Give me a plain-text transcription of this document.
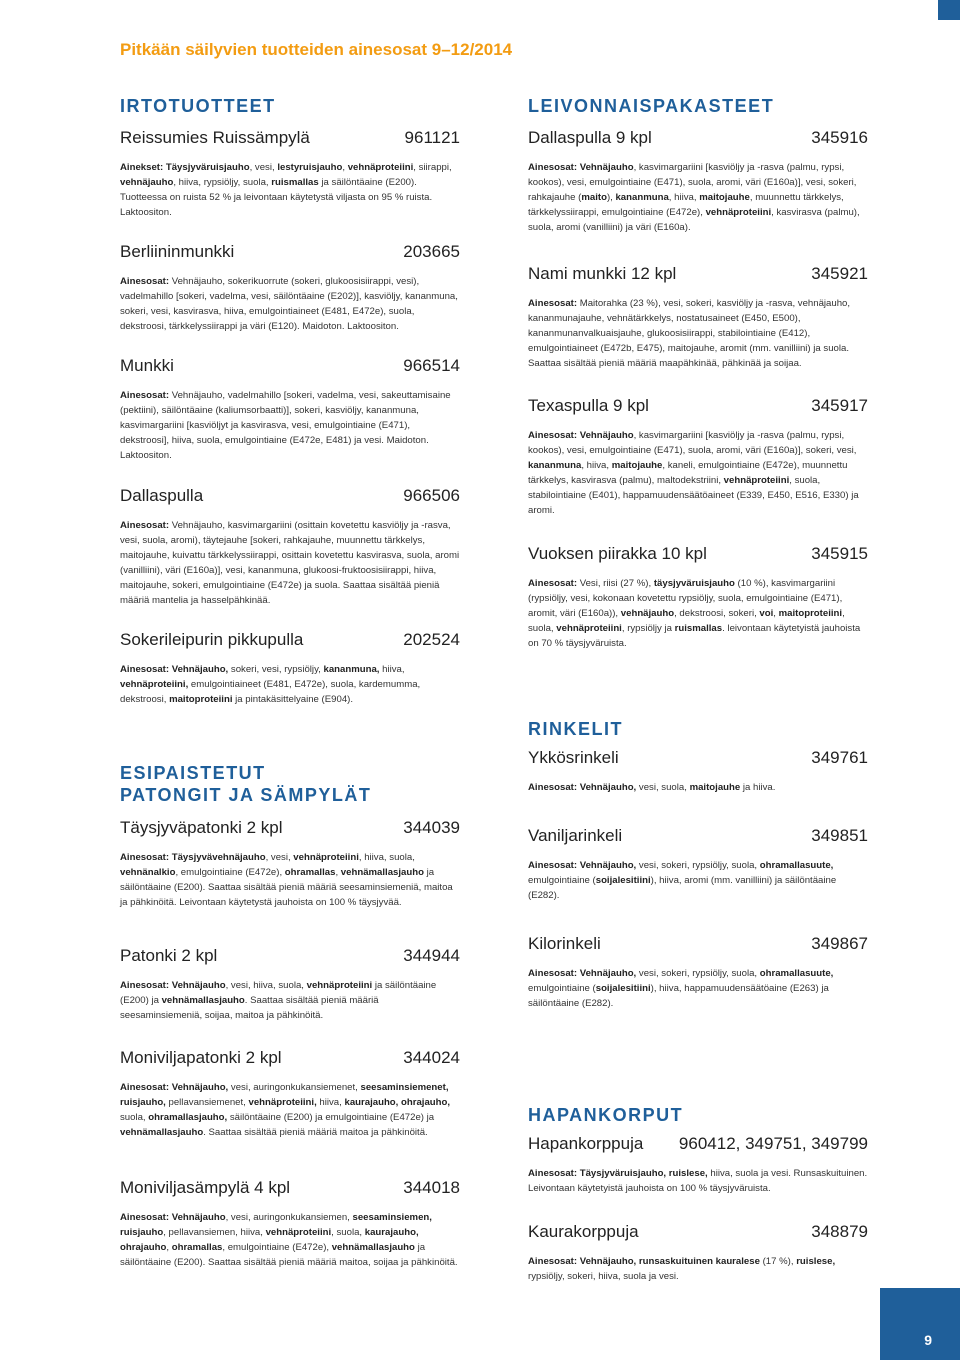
Pitkään säilyvien tuotteiden ainesosat 9–12/2014
IRTOTUOTTEET
Reissumies Ruissämpylä	961121
Ainekset: Täysjyväruisjauho, vesi, lestyruisjauho, vehnäproteiini, siirappi, vehnäjauho, hiiva, rypsiöljy, suola, ruismallas ja säilöntäaine (E200). Tuotteessa on ruista 52 % ja leivontaan käytetystä viljasta on 95 % ruista. Laktoositon.
Berliininmunkki	203665
Ainesosat: Vehnäjauho, sokerikuorrute (sokeri, glukoosisiirappi, vesi), vadelmahillo [sokeri, vadelma, vesi, säilöntäaine (E202)], kasviöljy, kananmuna, sokeri, vesi, kasvirasva, hiiva, emulgointiaineet (E481, E472e), suola, dekstroosi, tärkkelyssiirappi ja väri (E120). Maidoton. Laktoositon.
Munkki	966514
Ainesosat: Vehnäjauho, vadelmahillo [sokeri, vadelma, vesi, sakeuttamisaine (pektiini), säilöntäaine (kaliumsorbaatti)], sokeri, kasviöljy, kananmuna, kasvimargariini [kasviöljyt ja kasvirasva, vesi, emulgointiaine (E471), dekstroosi], hiiva, suola, emulgointiaine (E472e, E481) ja vesi. Maidoton. Laktoositon.
Dallaspulla	966506
Ainesosat: Vehnäjauho, kasvimargariini (osittain kovetettu kasviöljy ja -rasva, vesi, suola, aromi), täytejauhe [sokeri, rahkajauhe, muunnettu tärkkelys, maitojauhe, kuivattu tärkkelyssiirappi, osittain kovetettu kasvirasva, suola, aromi (vanilliini), väri (E160a)], vesi, kananmuna, glukoosi-fruktoosisiirappi, hiiva, maitojauhe, sokeri, emulgointiaine (E472e) ja suola. Saattaa sisältää pieniä määriä mantelia ja hasselpähkinää.
Sokerileipurin pikkupulla	202524
Ainesosat: Vehnäjauho, sokeri, vesi, rypsiöljy, kananmuna, hiiva, vehnäproteiini, emulgointiaineet (E481, E472e), suola, kardemumma, dekstroosi, maitoproteiini ja pintakäsittelyaine (E904).
ESIPAISTETUT
PATONGIT JA SÄMPYLÄT
Täysjyväpatonki 2 kpl	344039
Ainesosat: Täysjyvävehnäjauho, vesi, vehnäproteiini, hiiva, suola, vehnänalkio, emulgointiaine (E472e), ohramallas, vehnämallasjauho ja säilöntäaine (E200). Saattaa sisältää pieniä määriä seesaminsiemeniä, maitoa ja pähkinöitä. Leivontaan käytetystä jauhoista on 100 % täysjyvää.
Patonki 2 kpl	344944
Ainesosat: Vehnäjauho, vesi, hiiva, suola, vehnäproteiini ja säilöntäaine (E200) ja vehnämallasjauho. Saattaa sisältää pieniä määriä seesaminsiemeniä, soijaa, maitoa ja pähkinöitä.
Moniviljapatonki 2 kpl	344024
Ainesosat: Vehnäjauho, vesi, auringonkukansiemenet, seesaminsiemenet, ruisjauho, pellavansiemenet, vehnäproteiini, hiiva, kaurajauho, ohrajauho, suola, ohramallasjauho, säilöntäaine (E200) ja emulgointiaine (E472e) ja vehnämallasjauho. Saattaa sisältää pieniä määriä maitoa ja pähkinöitä.
Moniviljasämpylä 4 kpl	344018
Ainesosat: Vehnäjauho, vesi, auringonkukansiemen, seesaminsiemen, ruisjauho, pellavansiemen, hiiva, vehnäproteiini, suola, kaurajauho, ohrajauho, ohramallas, emulgointiaine (E472e), vehnämallasjauho ja säilöntäaine (E200). Saattaa sisältää pieniä määriä maitoa, soijaa ja pähkinöitä.
LEIVONNAISPAKASTEET
Dallaspulla 9 kpl	345916
Ainesosat: Vehnäjauho, kasvimargariini [kasviöljy ja -rasva (palmu, rypsi, kookos), vesi, emulgointiaine (E471), suola, aromi, väri (E160a)], vesi, sokeri, rahkajauhe (maito), kananmuna, hiiva, maitojauhe, muunnettu tärkkelys, tärkkelyssiirappi, emulgointiaine (E472e), vehnäproteiini, kasvirasva (palmu), suola, aromi (vanilliini) ja väri (E160a).
Nami munkki 12 kpl	345921
Ainesosat: Maitorahka (23 %), vesi, sokeri, kasviöljy ja -rasva, vehnäjauho, kananmunajauhe, vehnätärkkelys, nostatusaineet (E450, E500), kananmunanvalkuaisjauhe, glukoosisiirappi, stabilointiaine (E412), emulgointiaineet (E472b, E475), maitojauhe, aromit (mm. vanilliini) ja suola. Saattaa sisältää pieniä määriä maapähkinää, pähkinää ja soijaa.
Texaspulla 9 kpl	345917
Ainesosat: Vehnäjauho, kasvimargariini [kasviöljy ja -rasva (palmu, rypsi, kookos), vesi, emulgointiaine (E471), suola, aromi, väri (E160a)], sokeri, vesi, kananmuna, hiiva, maitojauhe, kaneli, emulgointiaine (E472e), muunnettu tärkkelys, kasvirasva (palmu), maltodekstriini, vehnäproteiini, suola, stabilointiaine (E401), happamuudensäätöaineet (E339, E450, E516, E330) ja aromi.
Vuoksen piirakka 10 kpl	345915
Ainesosat: Vesi, riisi (27 %), täysjyväruisjauho (10 %), kasvimargariini (rypsiöljy, vesi, kokonaan kovetettu rypsiöljy, suola, emulgointiaine (E471), aromit, väri (E160a)), vehnäjauho, dekstroosi, sokeri, voi, maitoproteiini, suola, vehnäproteiini, rypsiöljy ja ruismallas. leivontaan käytetyistä jauhoista on 70 % täysjyväruista.
RINKELIT
Ykkösrinkeli	349761
Ainesosat: Vehnäjauho, vesi, suola, maitojauhe ja hiiva.
Vaniljarinkeli	349851
Ainesosat: Vehnäjauho, vesi, sokeri, rypsiöljy, suola, ohramallasuute, emulgointiaine (soijalesitiini), hiiva, aromi (mm. vanilliini) ja säilöntäaine (E282).
Kilorinkeli	349867
Ainesosat: Vehnäjauho, vesi, sokeri, rypsiöljy, suola, ohramallasuute, emulgointiaine (soijalesitiini), hiiva, happamuudensäätöaine (E263) ja säilöntäaine (E282).
HAPANKORPUT
Hapankorppuja 960412, 349751, 349799
Ainesosat: Täysjyväruisjauho, ruislese, hiiva, suola ja vesi. Runsaskuituinen. Leivontaan käytetyistä jauhoista on 100 % täysjyväruista.
Kaurakorppuja	348879
Ainesosat: Vehnäjauho, runsaskuituinen kauralese (17 %), ruislese, rypsiöljy, sokeri, hiiva, suola ja vesi.
9
